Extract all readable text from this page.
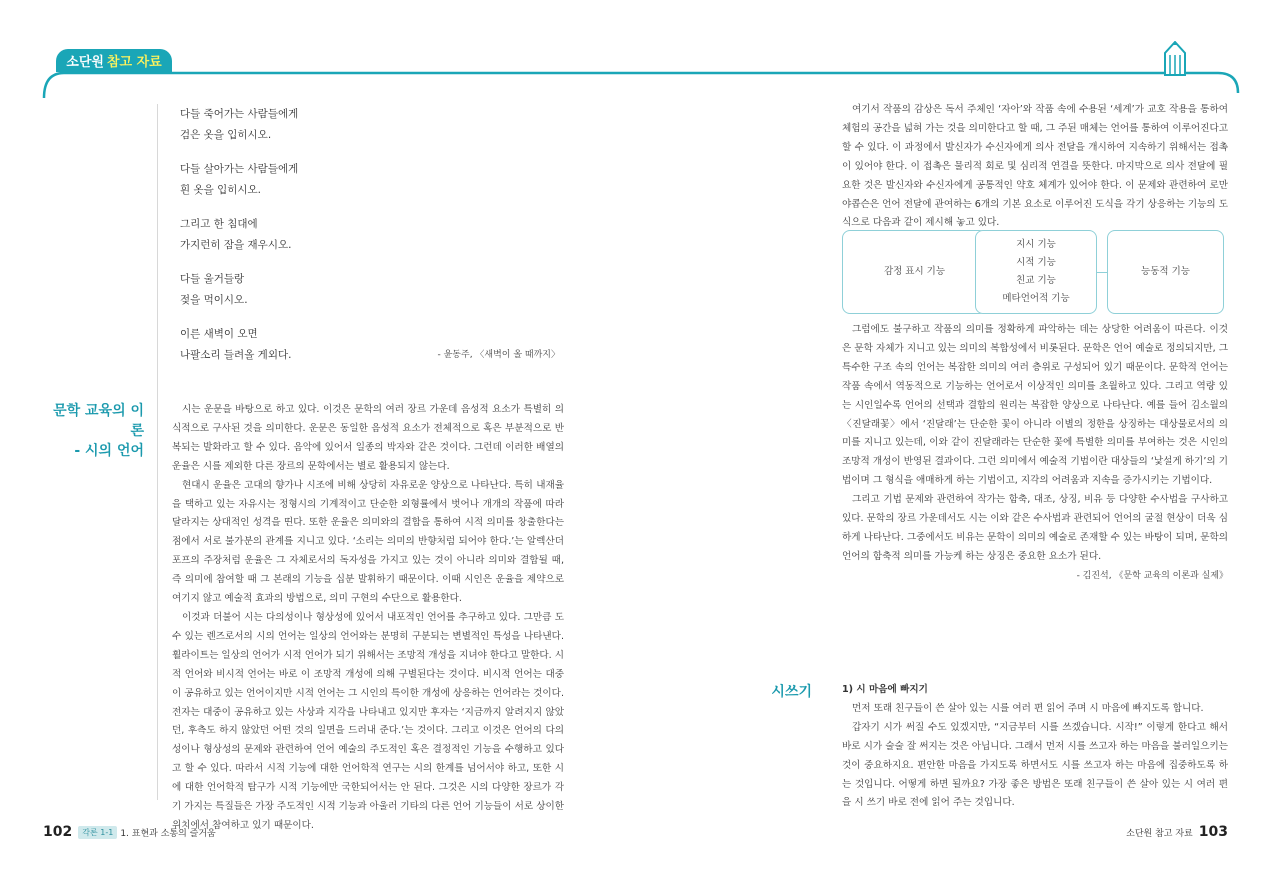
소단원 참고 자료
다들 죽어가는 사람들에게
검은 옷을 입히시오.
다들 살아가는 사람들에게
흰 옷을 입히시오.
그리고 한 침대에
가지런히 잠을 재우시오.
다들 울거들랑
젖을 먹이시오.
이른 새벽이 오면
나팔소리 들려올 게외다.	- 윤동주, 〈새벽이 올 때까지〉
문학 교육의 이론
- 시의 언어

시는 운문을 바탕으로 하고 있다. 이것은 문학의 여러 장르 가운데 음성적 요소가 특별히 의식적으로 구사된 것을 의미한다. 운문은 동일한 음성적 요소가 전체적으로 혹은 부분적으로 반복되는 발화라고 할 수 있다. 음악에 있어서 일종의 박자와 같은 것이다. 그런데 이러한 배열의 운율은 시를 제외한 다른 장르의 문학에서는 별로 활용되지 않는다.

현대시 운율은 고대의 향가나 시조에 비해 상당히 자유로운 양상으로 나타난다. 특히 내재율을 택하고 있는 자유시는 정형시의 기계적이고 단순한 외형률에서 벗어나 개개의 작품에 따라 달라지는 상대적인 성격을 띤다. 또한 운율은 의미와의 결합을 통하여 시적 의미를 창출한다는 점에서 서로 불가분의 관계를 지니고 있다. ‘소리는 의미의 반향처럼 되어야 한다.’는 알렉산더 포프의 주장처럼 운율은 그 자체로서의 독자성을 가지고 있는 것이 아니라 의미와 결합될 때, 즉 의미에 참여할 때 그 본래의 기능을 십분 발휘하기 때문이다. 이때 시인은 운율을 제약으로 여기지 않고 예술적 효과의 방법으로, 의미 구현의 수단으로 활용한다.

이것과 더불어 시는 다의성이나 형상성에 있어서 내포적인 언어를 추구하고 있다. 그만큼 도수 있는 렌즈로서의 시의 언어는 일상의 언어와는 분명히 구분되는 변별적인 특성을 나타낸다. 휠라이트는 일상의 언어가 시적 언어가 되기 위해서는 조망적 개성을 지녀야 한다고 말한다. 시적 언어와 비시적 언어는 바로 이 조망적 개성에 의해 구별된다는 것이다. 비시적 언어는 대중이 공유하고 있는 언어이지만 시적 언어는 그 시인의 특이한 개성에 상응하는 언어라는 것이다. 전자는 대중이 공유하고 있는 사상과 지각을 나타내고 있지만 후자는 ‘지금까지 알려지지 않았던, 후측도 하지 않았던 어떤 것의 일면을 드러내 준다.’는 것이다. 그리고 이것은 언어의 다의성이나 형상성의 문제와 관련하여 언어 예술의 주도적인 혹은 결정적인 기능을 수행하고 있다고 할 수 있다. 따라서 시적 기능에 대한 언어학적 연구는 시의 한계를 넘어서야 하고, 또한 시에 대한 언어학적 탐구가 시적 기능에만 국한되어서는 안 된다. 그것은 시의 다양한 장르가 각기 가지는 특질들은 가장 주도적인 시적 기능과 아울러 기타의 다른 언어 기능들이 서로 상이한 위치에서 참여하고 있기 때문이다.

여기서 작품의 감상은 독서 주체인 ‘자아’와 작품 속에 수용된 ‘세계’가 교호 작용을 통하여 체험의 공간을 넓혀 가는 것을 의미한다고 할 때, 그 주된 매체는 언어를 통하여 이루어진다고 할 수 있다. 이 과정에서 발신자가 수신자에게 의사 전달을 개시하여 지속하기 위해서는 접촉이 있어야 한다. 이 접촉은 물리적 회로 및 심리적 연결을 뜻한다. 마지막으로 의사 전달에 필요한 것은 발신자와 수신자에게 공통적인 약호 체계가 있어야 한다. 이 문제와 관련하여 로만 야콥슨은 언어 전달에 관여하는 6개의 기본 요소로 이루어진 도식을 각기 상응하는 기능의 도식으로 다음과 같이 제시해 놓고 있다.

감정 표시 기능
지시 기능
시적 기능
친교 기능
메타언어적 기능
능동적 기능

그럼에도 불구하고 작품의 의미를 정확하게 파악하는 데는 상당한 어려움이 따른다. 이것은 문학 자체가 지니고 있는 의미의 복합성에서 비롯된다. 문학은 언어 예술로 정의되지만, 그 특수한 구조 속의 언어는 복잡한 의미의 여러 층위로 구성되어 있기 때문이다. 문학적 언어는 작품 속에서 역동적으로 기능하는 언어로서 이상적인 의미를 초월하고 있다. 그리고 역량 있는 시인일수록 언어의 선택과 결합의 원리는 복잡한 양상으로 나타난다. 예를 들어 김소월의 〈진달래꽃〉에서 ‘진달래’는 단순한 꽃이 아니라 이별의 정한을 상징하는 대상물로서의 의미를 지니고 있는데, 이와 같이 진달래라는 단순한 꽃에 특별한 의미를 부여하는 것은 시인의 조망적 개성이 반영된 결과이다. 그런 의미에서 예술적 기법이란 대상들의 ‘낯설게 하기’의 기법이며 그 형식을 애매하게 하는 기법이고, 지각의 어려움과 지속을 증가시키는 기법이다.

그리고 기법 문제와 관련하여 작가는 함축, 대조, 상징, 비유 등 다양한 수사법을 구사하고 있다. 문학의 장르 가운데서도 시는 이와 같은 수사법과 관련되어 언어의 굴절 현상이 더욱 심하게 나타난다. 그중에서도 비유는 문학이 의미의 예술로 존재할 수 있는 바탕이 되며, 문학의 언어의 함축적 의미를 가능케 하는 상징은 중요한 요소가 된다.

- 김진석, 《문학 교육의 이론과 실제》

시쓰기	1) 시 마음에 빠지기

먼저 또래 친구들이 쓴 살아 있는 시를 여러 편 읽어 주며 시 마음에 빠지도록 합니다.

갑자기 시가 써질 수도 있겠지만, “지금부터 시를 쓰겠습니다. 시작!” 이렇게 한다고 해서 바로 시가 술술 잘 써지는 것은 아닙니다. 그래서 먼저 시를 쓰고자 하는 마음을 불러일으키는 것이 중요하지요. 편안한 마음을 가지도록 하면서도 시를 쓰고자 하는 마음에 집중하도록 하는 것입니다. 어떻게 하면 될까요? 가장 좋은 방법은 또래 친구들이 쓴 살아 있는 시 여러 편을 시 쓰기 바로 전에 읽어 주는 것입니다.

102	각론 1-1 1. 표현과 소통의 즐거움	소단원 참고 자료 103
